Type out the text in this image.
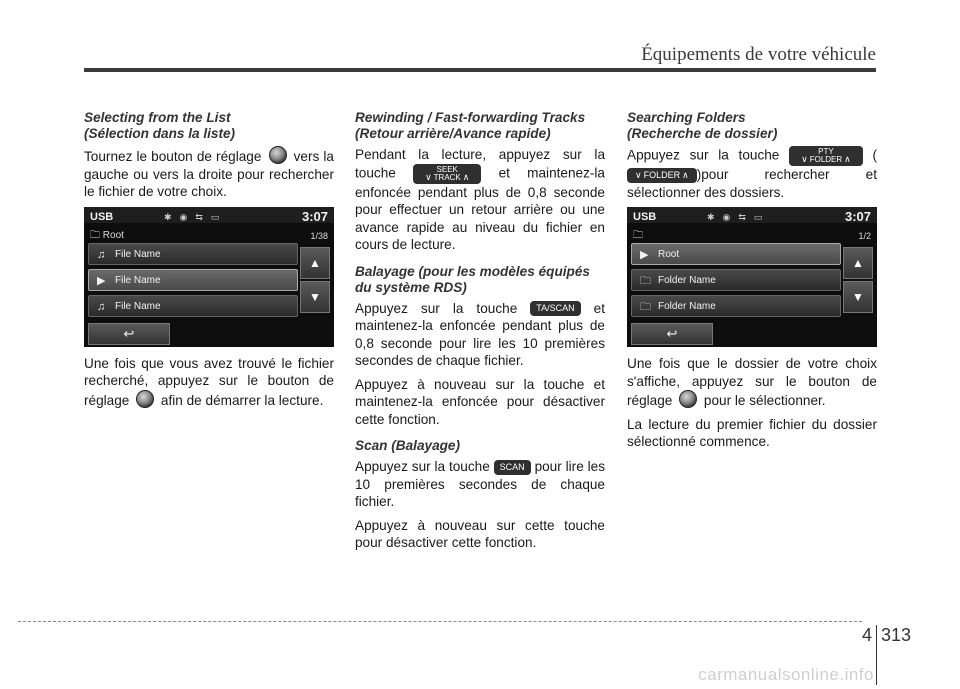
Équipements de votre véhicule
Selecting from the List
(Sélection dans la liste)

Tournez le bouton de réglage vers la gauche ou vers la droite pour rechercher le fichier de votre choix.

USB	✱◉⇆▭	3:07
🗀 Root	1/38
♫ File Name
▶ File Name
♫ File Name
▲
▼
↩

Une fois que vous avez trouvé le fichier recherché, appuyez sur le bouton de réglage afin de démarrer la lecture.

Rewinding / Fast-forwarding Tracks
(Retour arrière/Avance rapide)

Pendant la lecture, appuyez sur la touche	∨
SEEK
TRACK ∧ et maintenez-la enfoncée pendant plus de 0,8 seconde pour effectuer un retour arrière ou une avance rapide au niveau du fichier en cours de lecture.

Balayage (pour les modèles équipés
du système RDS)

Appuyez sur la touche TA/SCAN et maintenez-la enfoncée pendant plus de 0,8 seconde pour lire les 10 premières secondes de chaque fichier.

Appuyez à nouveau sur la touche et maintenez-la enfoncée pour désactiver cette fonction.

Scan (Balayage)

Appuyez sur la touche SCAN pour lire les 10 premières secondes de chaque fichier.

Appuyez à nouveau sur cette touche pour désactiver cette fonction.

Searching Folders
(Recherche de dossier)

Appuyez sur la touche ∨
PTY
FOLDER ∧ (∨ FOLDER ∧ )pour rechercher et sélectionner des dossiers.

USB	✱◉⇆▭	3:07
🗀	1/2
▶ Root
🗀 Folder Name
🗀 Folder Name
▲
▼
↩

Une fois que le dossier de votre choix s'affiche, appuyez sur le bouton de réglage pour le sélectionner.

La lecture du premier fichier du dossier sélectionné commence.

4 313
carmanualsonline.info
